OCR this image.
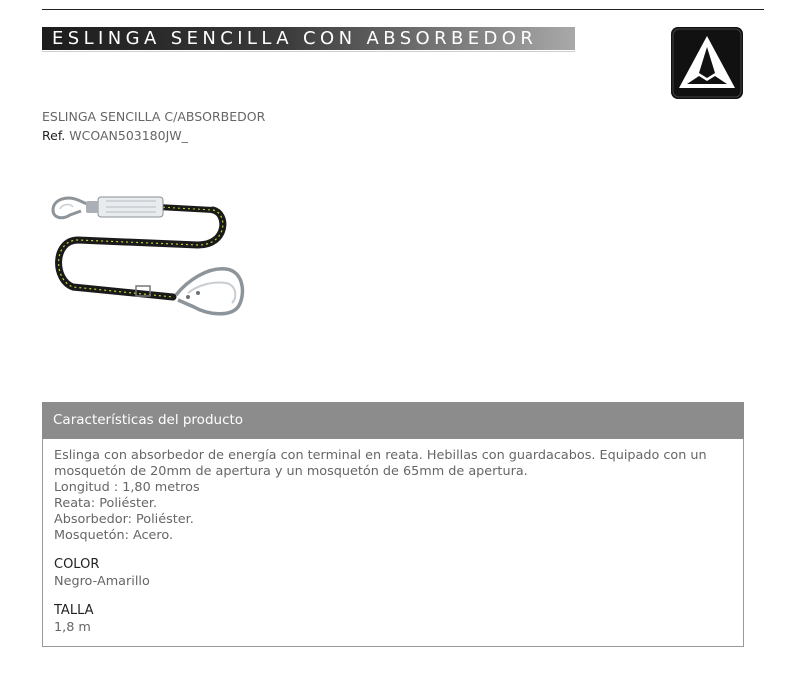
ESLINGA SENCILLA CON ABSORBEDOR
ESLINGA SENCILLA C/ABSORBEDOR
Ref. WCOAN503180JW_
Características del producto

Eslinga con absorbedor de energía con terminal en reata. Hebillas con guardacabos. Equipado con un

mosquetón de 20mm de apertura y un mosquetón de 65mm de apertura.

Longitud : 1,80 metros

Reata: Poliéster.

Absorbedor: Poliéster.

Mosquetón: Acero.

COLOR
Negro-Amarillo
TALLA
1,8 m
